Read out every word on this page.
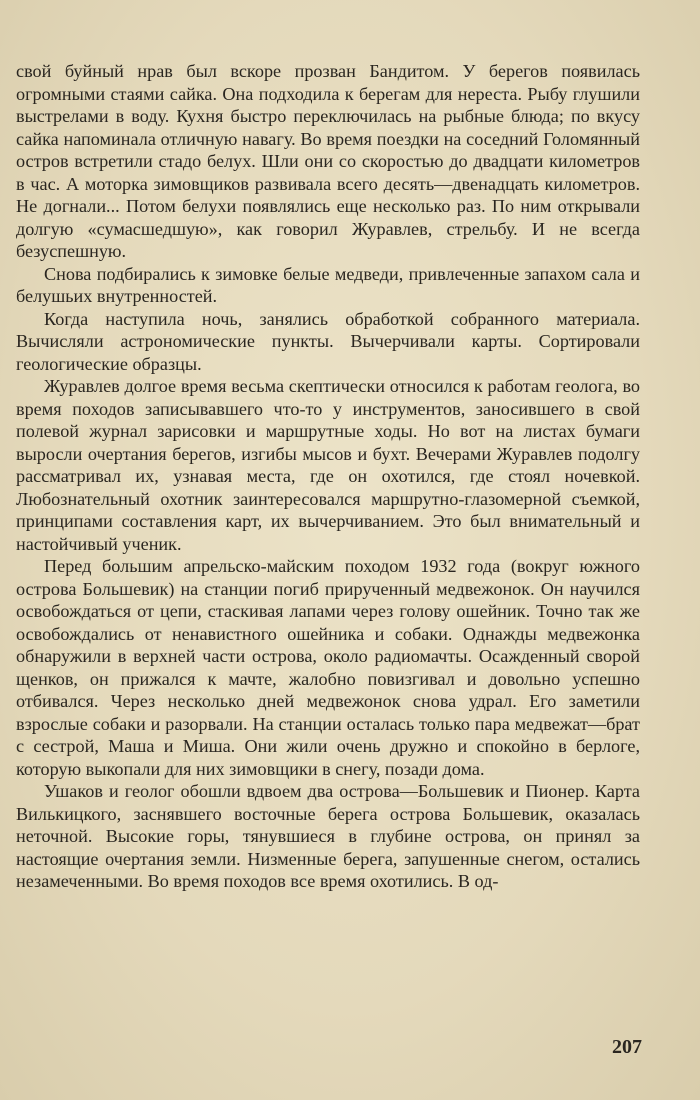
свой буйный нрав был вскоре прозван Бандитом. У берегов появилась огромными стаями сайка. Она подходила к берегам для нереста. Рыбу глушили выстрелами в воду. Кухня быстро переключилась на рыбные блюда; по вкусу сайка напоминала отличную навагу. Во время поездки на соседний Голомянный остров встретили стадо белух. Шли они со скоростью до двадцати километров в час. А моторка зимовщиков развивала всего десять—двенадцать километров. Не догнали... Потом белухи появлялись еще несколько раз. По ним открывали долгую «сумасшедшую», как говорил Журавлев, стрельбу. И не всегда безуспешную.

Снова подбирались к зимовке белые медведи, привлеченные запахом сала и белушьих внутренностей.

Когда наступила ночь, занялись обработкой собранного материала. Вычисляли астрономические пункты. Вычерчивали карты. Сортировали геологические образцы.

Журавлев долгое время весьма скептически относился к работам геолога, во время походов записывавшего что-то у инструментов, заносившего в свой полевой журнал зарисовки и маршрутные ходы. Но вот на листах бумаги выросли очертания берегов, изгибы мысов и бухт. Вечерами Журавлев подолгу рассматривал их, узнавая места, где он охотился, где стоял ночевкой. Любознательный охотник заинтересовался маршрутно-глазомерной съемкой, принципами составления карт, их вычерчиванием. Это был внимательный и настойчивый ученик.

Перед большим апрельско-майским походом 1932 года (вокруг южного острова Большевик) на станции погиб прирученный медвежонок. Он научился освобождаться от цепи, стаскивая лапами через голову ошейник. Точно так же освобождались от ненавистного ошейника и собаки. Однажды медвежонка обнаружили в верхней части острова, около радиомачты. Осажденный сворой щенков, он прижался к мачте, жалобно повизгивал и довольно успешно отбивался. Через несколько дней медвежонок снова удрал. Его заметили взрослые собаки и разорвали. На станции осталась только пара медвежат—брат с сестрой, Маша и Миша. Они жили очень дружно и спокойно в берлоге, которую выкопали для них зимовщики в снегу, позади дома.

Ушаков и геолог обошли вдвоем два острова—Большевик и Пионер. Карта Вилькицкого, заснявшего восточные берега острова Большевик, оказалась неточной. Высокие горы, тянувшиеся в глубине острова, он принял за настоящие очертания земли. Низменные берега, запушенные снегом, остались незамеченными. Во время походов все время охотились. В од-

207
